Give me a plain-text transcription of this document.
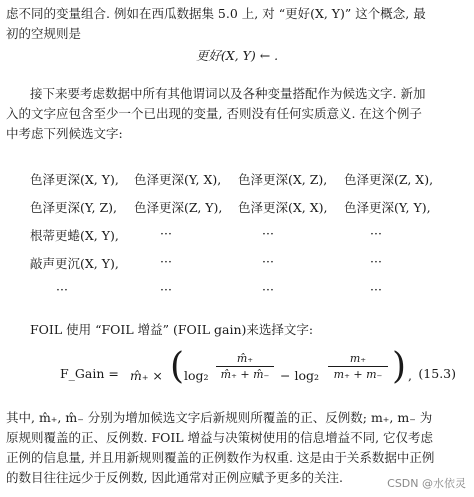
虑不同的变量组合. 例如在西瓜数据集 5.0 上, 对 “更好(X, Y)” 这个概念, 最
初的空规则是
更好(X, Y) ← .
接下来要考虑数据中所有其他谓词以及各种变量搭配作为候选文字. 新加
入的文字应包含至少一个已出现的变量, 否则没有任何实质意义. 在这个例子
中考虑下列候选文字:
色泽更深(X, Y), 色泽更深(Y, X), 色泽更深(X, Z), 色泽更深(Z, X),
色泽更深(Y, Z), 色泽更深(Z, Y), 色泽更深(X, X), 色泽更深(Y, Y),
根蒂更蜷(X, Y),	···	···	···
敲声更沉(X, Y),	···	···	···
···	···	···	···
FOIL 使用 “FOIL 增益” (FOIL gain)来选择文字:
F_Gain = m̂₊ × ( $\log_2 \frac{m̂_+}{m̂_+ + m̂_-} - \log_2 \frac{m_+}{m_+ + m_-}$ ) , (15.3)
其中, m̂₊, m̂₋ 分别为增加候选文字后新规则所覆盖的正、反例数; m₊, m₋ 为
原规则覆盖的正、反例数. FOIL 增益与决策树使用的信息增益不同, 它仅考虑
正例的信息量, 并且用新规则覆盖的正例数作为权重. 这是由于关系数据中正例
的数目往往远少于反例数, 因此通常对正例应赋予更多的关注.	CSDN @水依灵
